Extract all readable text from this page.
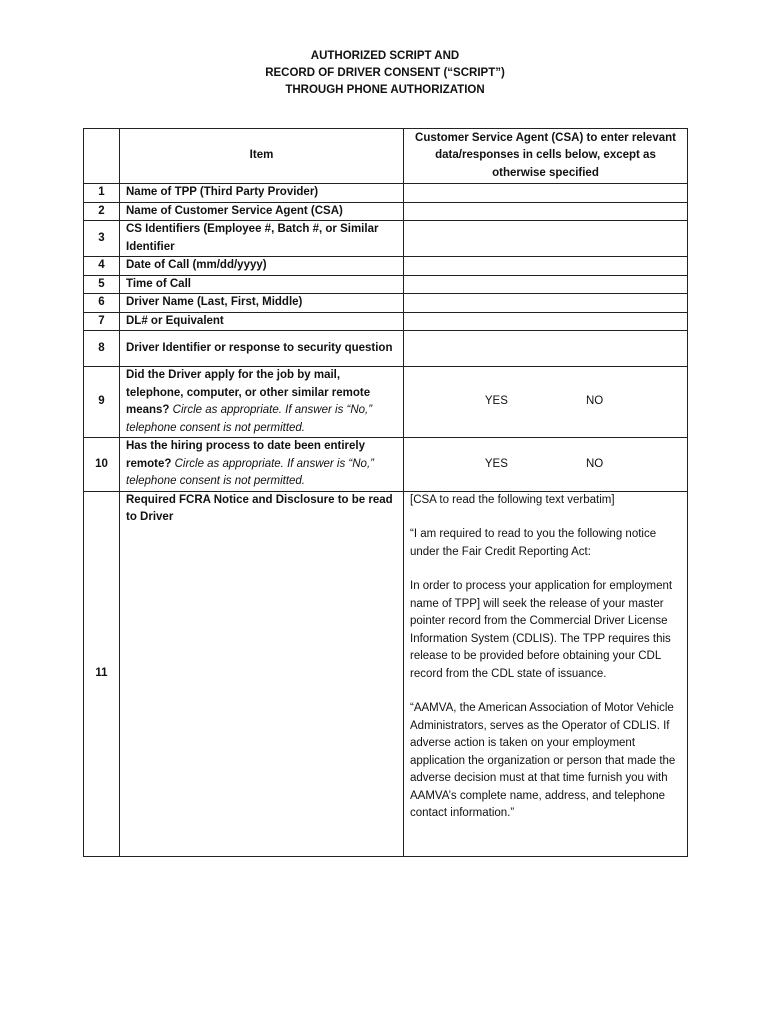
AUTHORIZED SCRIPT AND
RECORD OF DRIVER CONSENT (“SCRIPT”)
THROUGH PHONE AUTHORIZATION
	Item	Customer Service Agent (CSA) to enter relevant data/responses in cells below, except as otherwise specified
1	Name of TPP (Third Party Provider)	
2	Name of Customer Service Agent (CSA)	
3	CS Identifiers (Employee #, Batch #, or Similar Identifier	
4	Date of Call (mm/dd/yyyy)	
5	Time of Call	
6	Driver Name (Last, First, Middle)	
7	DL# or Equivalent	
8	Driver Identifier or response to security question	
9	Did the Driver apply for the job by mail, telephone, computer, or other similar remote means? Circle as appropriate. If answer is “No,” telephone consent is not permitted.	YES NO
10	Has the hiring process to date been entirely remote? Circle as appropriate. If answer is “No,” telephone consent is not permitted.	YES NO
11	Required FCRA Notice and Disclosure to be read to Driver	[CSA to read the following text verbatim]

“I am required to read to you the following notice under the Fair Credit Reporting Act:

In order to process your application for employment name of TPP] will seek the release of your master pointer record from the Commercial Driver License Information System (CDLIS). The TPP requires this release to be provided before obtaining your CDL record from the CDL state of issuance.

“AAMVA, the American Association of Motor Vehicle Administrators, serves as the Operator of CDLIS. If adverse action is taken on your employment application the organization or person that made the adverse decision must at that time furnish you with AAMVA’s complete name, address, and telephone contact information.”
